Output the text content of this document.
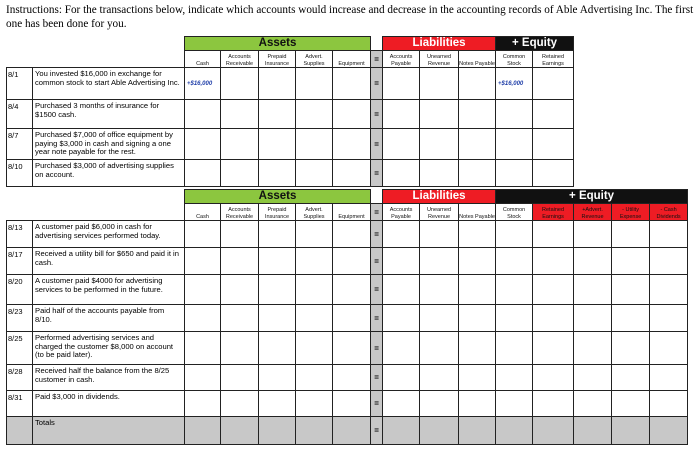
Instructions: For the transactions below, indicate which accounts would increase and decrease in the accounting records of Able Advertising Inc. The first one has been done for you.
		Assets						Liabilities			+ Equity	
		Cash	Accounts Receivable	Prepaid Insurance	Advert. Supplies	Equipment	=	Accounts Payable	Unearned Revenue	Notes Payable	Common Stock	Retained Earnings
8/1	You invested $16,000 in exchange for common stock to start Able Advertising Inc.	+$16,000					=				+$16,000	
8/4	Purchased 3 months of insurance for $1500 cash.						=					
8/7	Purchased $7,000 of office equipment by paying $3,000 in cash and signing a one year note payable for the rest.						=					
8/10	Purchased $3,000 of advertising supplies on account.						=					
		Assets						Liabilities			+ Equity				
		Cash	Accounts Receivable	Prepaid Insurance	Advert. Supplies	Equipment	=	Accounts Payable	Unearned Revenue	Notes Payable	Common Stock	Retained Earnings	+Advert. Revenue	- Utility Expense	- Cash Dividends
8/13	A customer paid $6,000 in cash for advertising services performed today.						=								
8/17	Received a utility bill for $650 and paid it in cash.						=								
8/20	A customer paid $4000 for advertising services to be performed in the future.						=								
8/23	Paid half of the accounts payable from 8/10.						=								
8/25	Performed advertising services and charged the customer $8,000 on account (to be paid later).						=								
8/28	Received half the balance from the 8/25 customer in cash.						=								
8/31	Paid $3,000 in dividends.						=								
	Totals						=								
